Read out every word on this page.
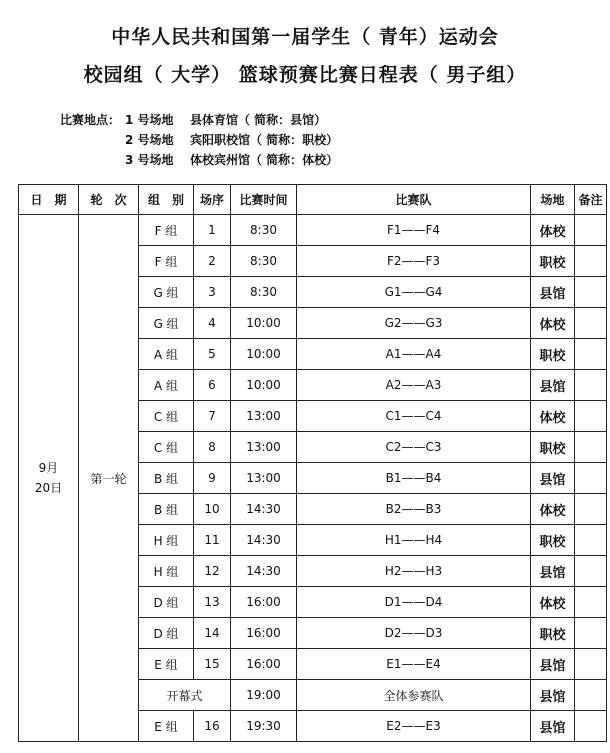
中华人民共和国第一届学生（ 青年）运动会
校园组（ 大学） 篮球预赛比赛日程表（ 男子组）
比赛地点： 1 号场地	县体育馆（ 简称：县馆）
2 号场地	宾阳职校馆（ 简称：职校）
3 号场地	体校宾州馆（ 简称：体校）
日　期	轮　次	组　别	场序	比赛时间	比赛队	场地	备注
9月
20日	第一轮	F 组	1	8:30	F1——F4	体校	
		F 组	2	8:30	F2——F3	职校	
		G 组	3	8:30	G1——G4	县馆	
		G 组	4	10:00	G2——G3	体校	
		A 组	5	10:00	A1——A4	职校	
		A 组	6	10:00	A2——A3	县馆	
		C 组	7	13:00	C1——C4	体校	
		C 组	8	13:00	C2——C3	职校	
		B 组	9	13:00	B1——B4	县馆	
		B 组	10	14:30	B2——B3	体校	
		H 组	11	14:30	H1——H4	职校	
		H 组	12	14:30	H2——H3	县馆	
		D 组	13	16:00	D1——D4	体校	
		D 组	14	16:00	D2——D3	职校	
		E 组	15	16:00	E1——E4	县馆	
		开幕式		19:00	全体参赛队	县馆	
		E 组	16	19:30	E2——E3	县馆	
